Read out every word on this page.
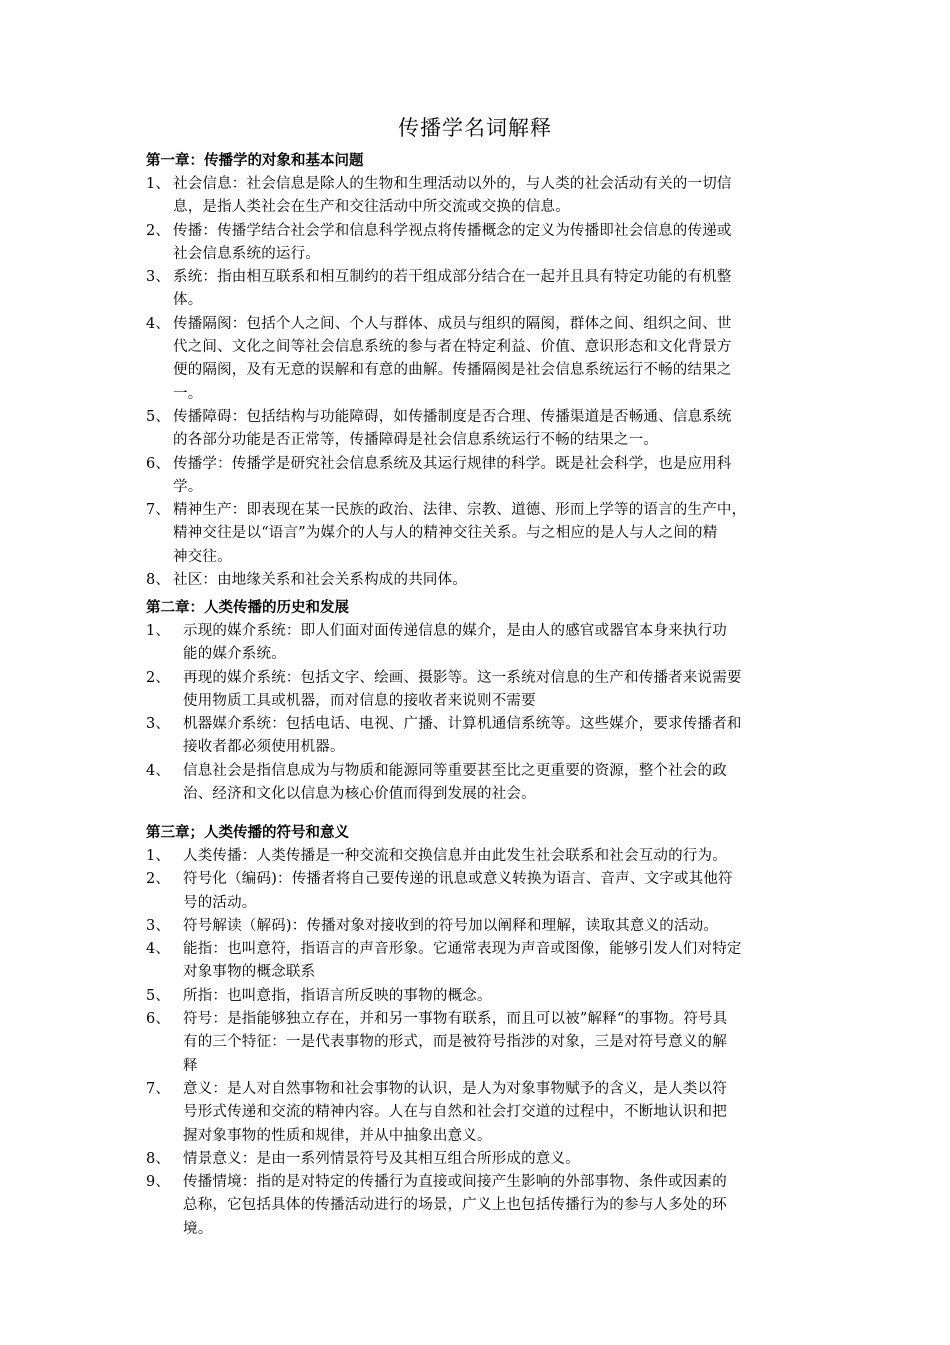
传播学名词解释
第一章：传播学的对象和基本问题
1、 社会信息：社会信息是除人的生物和生理活动以外的，与人类的社会活动有关的一切信
息，是指人类社会在生产和交往活动中所交流或交换的信息。
2、 传播：传播学结合社会学和信息科学视点将传播概念的定义为传播即社会信息的传递或
社会信息系统的运行。
3、 系统：指由相互联系和相互制约的若干组成部分结合在一起并且具有特定功能的有机整
体。
4、 传播隔阂：包括个人之间、个人与群体、成员与组织的隔阂，群体之间、组织之间、世
代之间、文化之间等社会信息系统的参与者在特定利益、价值、意识形态和文化背景方
便的隔阂，及有无意的误解和有意的曲解。传播隔阂是社会信息系统运行不畅的结果之
一。
5、 传播障碍：包括结构与功能障碍，如传播制度是否合理、传播渠道是否畅通、信息系统
的各部分功能是否正常等，传播障碍是社会信息系统运行不畅的结果之一。
6、 传播学：传播学是研究社会信息系统及其运行规律的科学。既是社会科学，也是应用科
学。
7、 精神生产：即表现在某一民族的政治、法律、宗教、道德、形而上学等的语言的生产中，
精神交往是以“语言”为媒介的人与人的精神交往关系。与之相应的是人与人之间的精
神交往。
8、 社区：由地缘关系和社会关系构成的共同体。
第二章：人类传播的历史和发展
1、 示现的媒介系统：即人们面对面传递信息的媒介，是由人的感官或器官本身来执行功
能的媒介系统。
2、 再现的媒介系统：包括文字、绘画、摄影等。这一系统对信息的生产和传播者来说需要
使用物质工具或机器，而对信息的接收者来说则不需要
3、 机器媒介系统：包括电话、电视、广播、计算机通信系统等。这些媒介，要求传播者和
接收者都必须使用机器。
4、 信息社会是指信息成为与物质和能源同等重要甚至比之更重要的资源，整个社会的政
治、经济和文化以信息为核心价值而得到发展的社会。
第三章；人类传播的符号和意义
1、 人类传播：人类传播是一种交流和交换信息并由此发生社会联系和社会互动的行为。
2、 符号化（编码)：传播者将自己要传递的讯息或意义转换为语言、音声、文字或其他符
号的活动。
3、 符号解读（解码)：传播对象对接收到的符号加以阐释和理解，读取其意义的活动。
4、 能指：也叫意符，指语言的声音形象。它通常表现为声音或图像，能够引发人们对特定
对象事物的概念联系
5、 所指：也叫意指，指语言所反映的事物的概念。
6、 符号：是指能够独立存在，并和另一事物有联系，而且可以被”解释“的事物。符号具
有的三个特征：一是代表事物的形式，而是被符号指涉的对象，三是对符号意义的解
释
7、 意义：是人对自然事物和社会事物的认识，是人为对象事物赋予的含义，是人类以符
号形式传递和交流的精神内容。人在与自然和社会打交道的过程中，不断地认识和把
握对象事物的性质和规律，并从中抽象出意义。
8、 情景意义：是由一系列情景符号及其相互组合所形成的意义。
9、 传播情境：指的是对特定的传播行为直接或间接产生影响的外部事物、条件或因素的
总称，它包括具体的传播活动进行的场景，广义上也包括传播行为的参与人多处的环
境。
